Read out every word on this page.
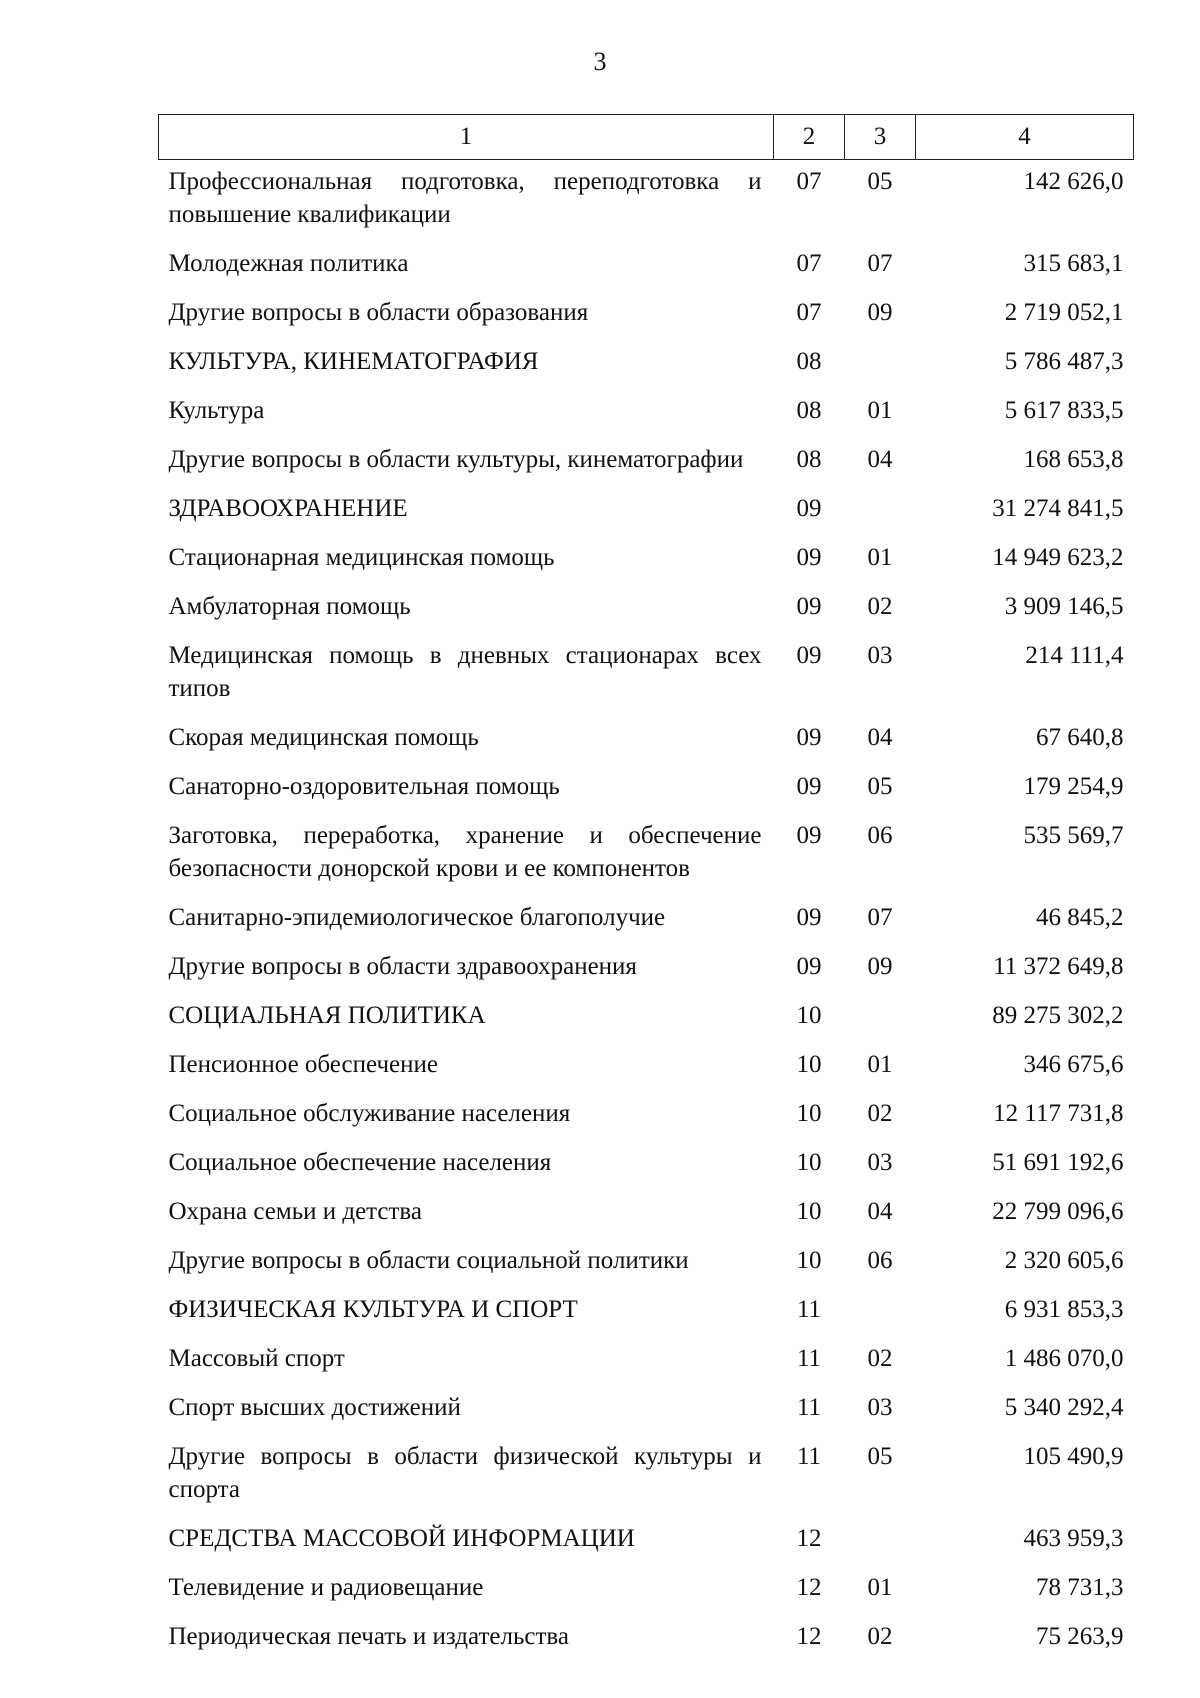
3
1	2	3	4
Профессиональная подготовка, переподготовка и повышение квалификации	07	05	142 626,0
Молодежная политика	07	07	315 683,1
Другие вопросы в области образования	07	09	2 719 052,1
КУЛЬТУРА, КИНЕМАТОГРАФИЯ	08		5 786 487,3
Культура	08	01	5 617 833,5
Другие вопросы в области культуры, кинематографии	08	04	168 653,8
ЗДРАВООХРАНЕНИЕ	09		31 274 841,5
Стационарная медицинская помощь	09	01	14 949 623,2
Амбулаторная помощь	09	02	3 909 146,5
Медицинская помощь в дневных стационарах всех типов	09	03	214 111,4
Скорая медицинская помощь	09	04	67 640,8
Санаторно-оздоровительная помощь	09	05	179 254,9
Заготовка, переработка, хранение и обеспечение безопасности донорской крови и ее компонентов	09	06	535 569,7
Санитарно-эпидемиологическое благополучие	09	07	46 845,2
Другие вопросы в области здравоохранения	09	09	11 372 649,8
СОЦИАЛЬНАЯ ПОЛИТИКА	10		89 275 302,2
Пенсионное обеспечение	10	01	346 675,6
Социальное обслуживание населения	10	02	12 117 731,8
Социальное обеспечение населения	10	03	51 691 192,6
Охрана семьи и детства	10	04	22 799 096,6
Другие вопросы в области социальной политики	10	06	2 320 605,6
ФИЗИЧЕСКАЯ КУЛЬТУРА И СПОРТ	11		6 931 853,3
Массовый спорт	11	02	1 486 070,0
Спорт высших достижений	11	03	5 340 292,4
Другие вопросы в области физической культуры и спорта	11	05	105 490,9
СРЕДСТВА МАССОВОЙ ИНФОРМАЦИИ	12		463 959,3
Телевидение и радиовещание	12	01	78 731,3
Периодическая печать и издательства	12	02	75 263,9
